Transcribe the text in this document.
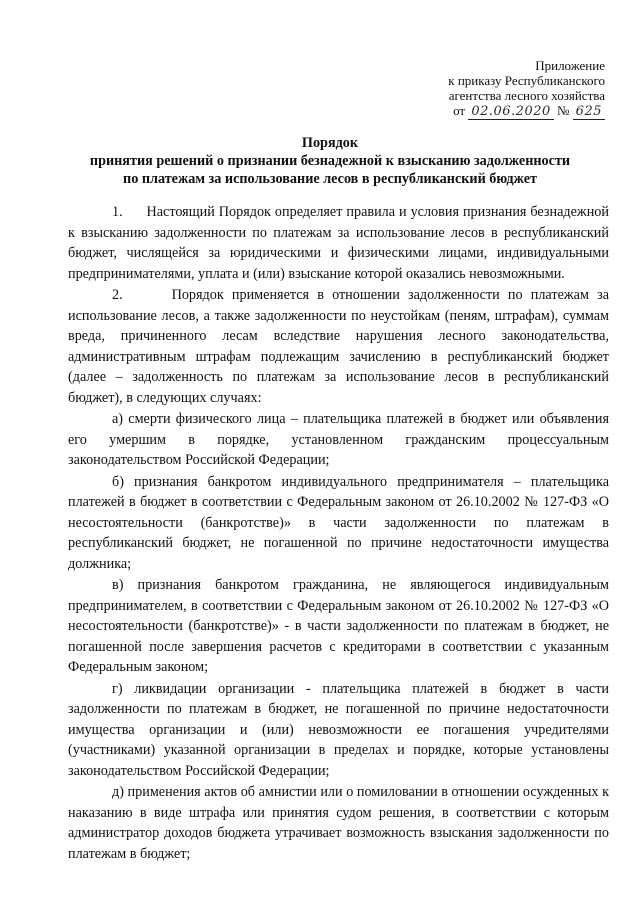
Приложение
к приказу Республиканского
агентства лесного хозяйства
от 02.06.2020 № 625
Порядок
принятия решений о признании безнадежной к взысканию задолженности
по платежам за использование лесов в республиканский бюджет

1.      Настоящий Порядок определяет правила и условия признания безнадежной к взысканию задолженности по платежам за использование лесов в республиканский бюджет, числящейся за юридическими и физическими лицами, индивидуальными предпринимателями, уплата и (или) взыскание которой оказались невозможными.

2.      Порядок применяется в отношении задолженности по платежам за использование лесов, а также задолженности по неустойкам (пеням, штрафам), суммам вреда, причиненного лесам вследствие нарушения лесного законодательства, административным штрафам подлежащим зачислению в республиканский бюджет (далее – задолженность по платежам за использование лесов в республиканский бюджет), в следующих случаях:

а) смерти физического лица – плательщика платежей в бюджет или объявления его умершим в порядке, установленном гражданским процессуальным законодательством Российской Федерации;

б) признания банкротом индивидуального предпринимателя – плательщика платежей в бюджет в соответствии с Федеральным законом от 26.10.2002 № 127-ФЗ «О несостоятельности (банкротстве)» в части задолженности по платежам в республиканский бюджет, не погашенной по причине недостаточности имущества должника;

в) признания банкротом гражданина, не являющегося индивидуальным предпринимателем, в соответствии с Федеральным законом от 26.10.2002 № 127-ФЗ «О несостоятельности (банкротстве)» - в части задолженности по платежам в бюджет, не погашенной после завершения расчетов с кредиторами в соответствии с указанным Федеральным законом;

г) ликвидации организации - плательщика платежей в бюджет в части задолженности по платежам в бюджет, не погашенной по причине недостаточности имущества организации и (или) невозможности ее погашения учредителями (участниками) указанной организации в пределах и порядке, которые установлены законодательством Российской Федерации;

д) применения актов об амнистии или о помиловании в отношении осужденных к наказанию в виде штрафа или принятия судом решения, в соответствии с которым администратор доходов бюджета утрачивает возможность взыскания задолженности по платежам в бюджет;
